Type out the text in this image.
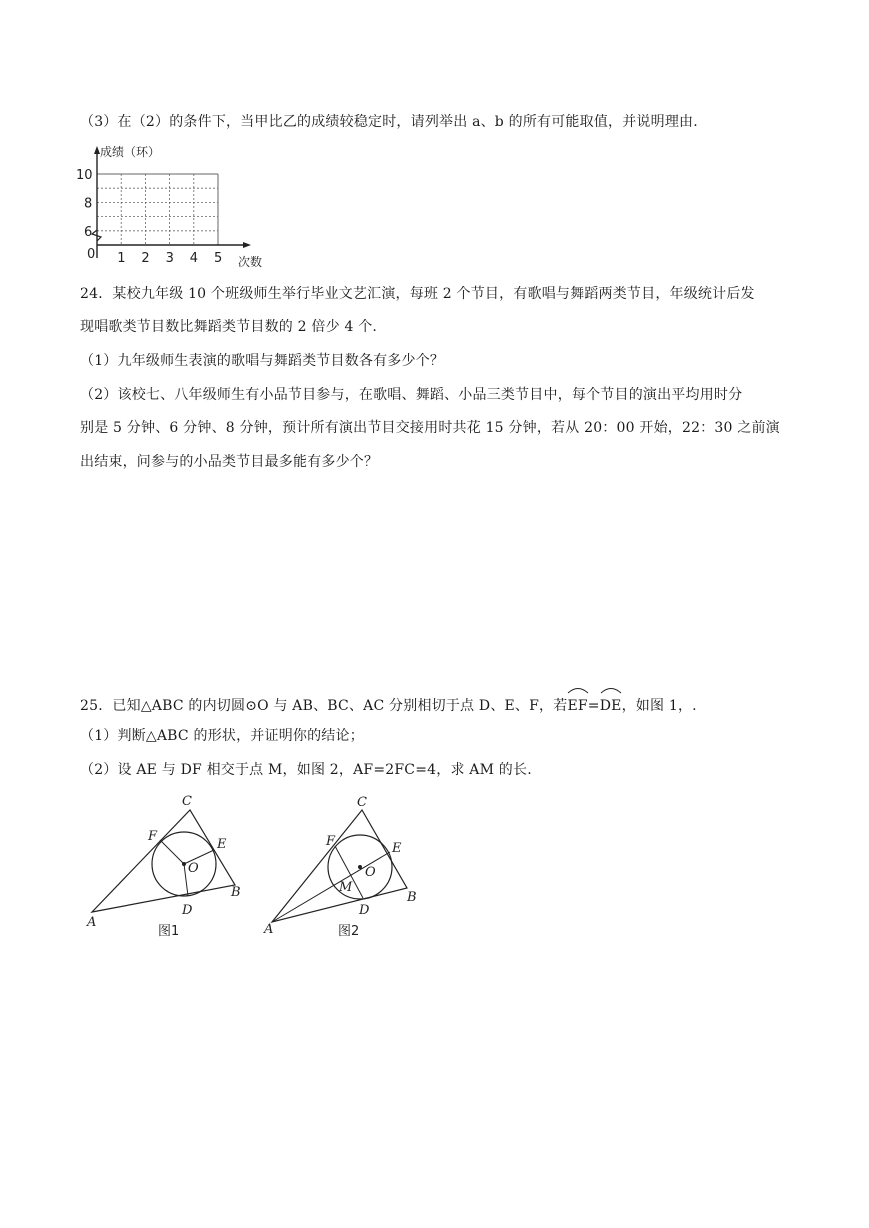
（3）在（2）的条件下，当甲比乙的成绩较稳定时，请列举出 a、b 的所有可能取值，并说明理由.
成绩（环）
次数
0 1 2 3 4 5
6
8
10
24．某校九年级 10 个班级师生举行毕业文艺汇演，每班 2 个节目，有歌唱与舞蹈两类节目，年级统计后发
现唱歌类节目数比舞蹈类节目数的 2 倍少 4 个.
（1）九年级师生表演的歌唱与舞蹈类节目数各有多少个？
（2）该校七、八年级师生有小品节目参与，在歌唱、舞蹈、小品三类节目中，每个节目的演出平均用时分
别是 5 分钟、6 分钟、8 分钟，预计所有演出节目交接用时共花 15 分钟，若从 20：00 开始，22：30 之前演
出结束，问参与的小品类节目最多能有多少个？
25．已知△ABC 的内切圆⊙O 与 AB、BC、AC 分别相切于点 D、E、F，若
EF=
DE，如图 1，.
（1）判断△ABC 的形状，并证明你的结论；
（2）设 AE 与 DF 相交于点 M，如图 2，AF=2FC=4，求 AM 的长.
C
F
E
O
B
D
A
图1
C
F	E
O
M
B
D
A	图2
